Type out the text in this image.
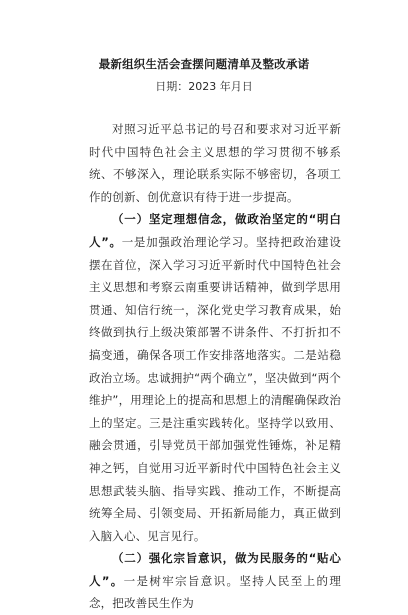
最新组织生活会查摆问题清单及整改承诺
日期：2023 年月日

对照习近平总书记的号召和要求对习近平新时代中国特色社会主义思想的学习贯彻不够系统、不够深入，理论联系实际不够密切，各项工作的创新、创优意识有待于进一步提高。

（一）坚定理想信念，做政治坚定的“明白人”。一是加强政治理论学习。坚持把政治建设摆在首位，深入学习习近平新时代中国特色社会主义思想和考察云南重要讲话精神，做到学思用贯通、知信行统一，深化党史学习教育成果，始终做到执行上级决策部署不讲条件、不打折扣不搞变通，确保各项工作安排落地落实。二是站稳政治立场。忠诚拥护“两个确立”，坚决做到“两个维护”，用理论上的提高和思想上的清醒确保政治上的坚定。三是注重实践转化。坚持学以致用、融会贯通，引导党员干部加强党性锤炼，补足精神之钙，自觉用习近平新时代中国特色社会主义思想武装头脑、指导实践、推动工作，不断提高统筹全局、引领变局、开拓新局能力，真正做到入脑入心、见言见行。

（二）强化宗旨意识，做为民服务的“贴心人”。一是树牢宗旨意识。坚持人民至上的理念，把改善民生作为
